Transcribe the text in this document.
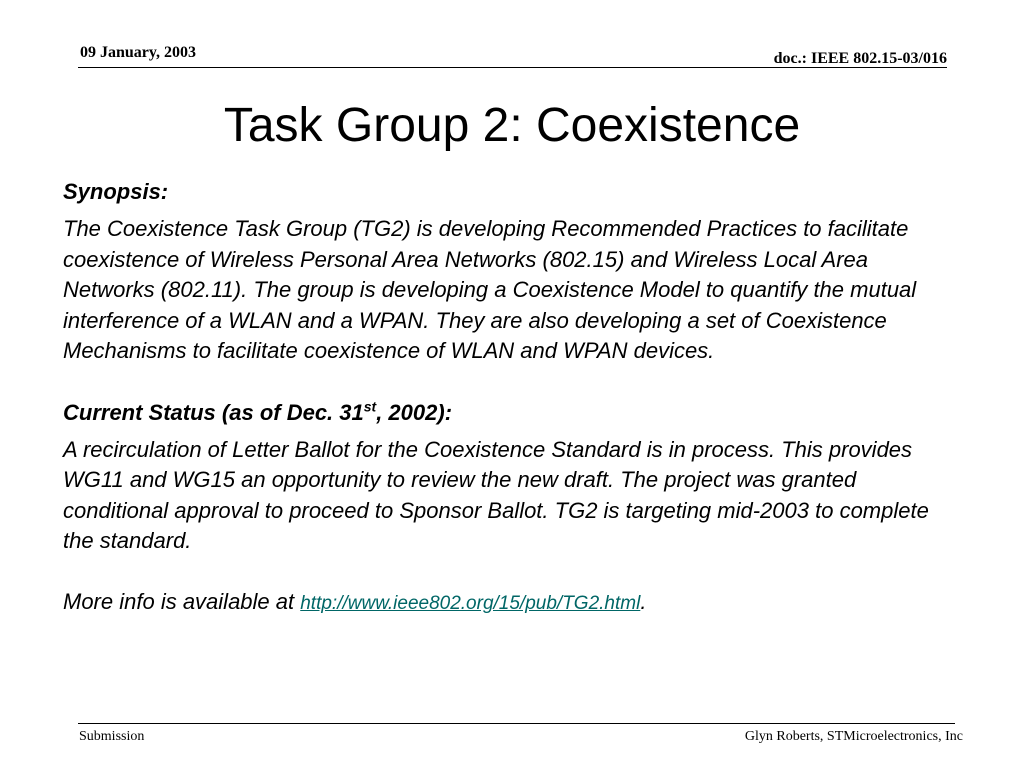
09 January, 2003	doc.: IEEE 802.15-03/016
Task Group 2: Coexistence
Synopsis:

The Coexistence Task Group (TG2) is developing Recommended Practices to facilitate coexistence of Wireless Personal Area Networks (802.15) and Wireless Local Area Networks (802.11). The group is developing a Coexistence Model to quantify the mutual interference of a WLAN and a WPAN. They are also developing a set of Coexistence Mechanisms to facilitate coexistence of WLAN and WPAN devices.

Current Status (as of Dec. 31st, 2002):

A recirculation of Letter Ballot for the Coexistence Standard is in process. This provides WG11 and WG15 an opportunity to review the new draft. The project was granted conditional approval to proceed to Sponsor Ballot. TG2 is targeting mid-2003 to complete the standard.

More info is available at http://www.ieee802.org/15/pub/TG2.html.

Submission	Glyn Roberts, STMicroelectronics, Inc
